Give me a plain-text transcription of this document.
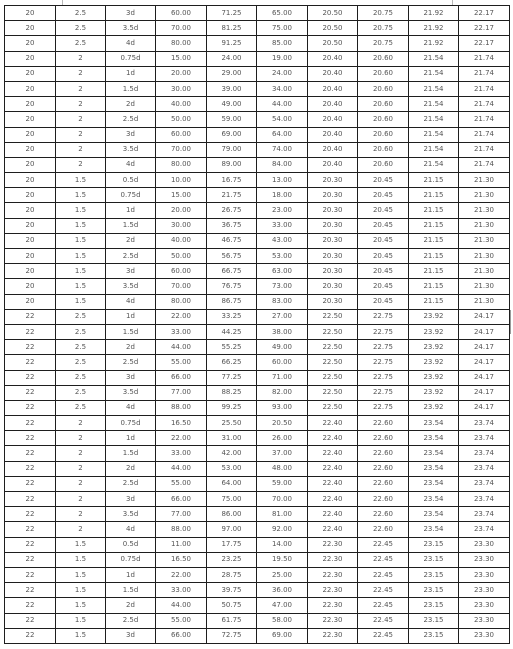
20	2.5	3d	60.00	71.25	65.00	20.50	20.75	21.92	22.17
20	2.5	3.5d	70.00	81.25	75.00	20.50	20.75	21.92	22.17
20	2.5	4d	80.00	91.25	85.00	20.50	20.75	21.92	22.17
20	2	0.75d	15.00	24.00	19.00	20.40	20.60	21.54	21.74
20	2	1d	20.00	29.00	24.00	20.40	20.60	21.54	21.74
20	2	1.5d	30.00	39.00	34.00	20.40	20.60	21.54	21.74
20	2	2d	40.00	49.00	44.00	20.40	20.60	21.54	21.74
20	2	2.5d	50.00	59.00	54.00	20.40	20.60	21.54	21.74
20	2	3d	60.00	69.00	64.00	20.40	20.60	21.54	21.74
20	2	3.5d	70.00	79.00	74.00	20.40	20.60	21.54	21.74
20	2	4d	80.00	89.00	84.00	20.40	20.60	21.54	21.74
20	1.5	0.5d	10.00	16.75	13.00	20.30	20.45	21.15	21.30
20	1.5	0.75d	15.00	21.75	18.00	20.30	20.45	21.15	21.30
20	1.5	1d	20.00	26.75	23.00	20.30	20.45	21.15	21.30
20	1.5	1.5d	30.00	36.75	33.00	20.30	20.45	21.15	21.30
20	1.5	2d	40.00	46.75	43.00	20.30	20.45	21.15	21.30
20	1.5	2.5d	50.00	56.75	53.00	20.30	20.45	21.15	21.30
20	1.5	3d	60.00	66.75	63.00	20.30	20.45	21.15	21.30
20	1.5	3.5d	70.00	76.75	73.00	20.30	20.45	21.15	21.30
20	1.5	4d	80.00	86.75	83.00	20.30	20.45	21.15	21.30
22	2.5	1d	22.00	33.25	27.00	22.50	22.75	23.92	24.17
22	2.5	1.5d	33.00	44.25	38.00	22.50	22.75	23.92	24.17
22	2.5	2d	44.00	55.25	49.00	22.50	22.75	23.92	24.17
22	2.5	2.5d	55.00	66.25	60.00	22.50	22.75	23.92	24.17
22	2.5	3d	66.00	77.25	71.00	22.50	22.75	23.92	24.17
22	2.5	3.5d	77.00	88.25	82.00	22.50	22.75	23.92	24.17
22	2.5	4d	88.00	99.25	93.00	22.50	22.75	23.92	24.17
22	2	0.75d	16.50	25.50	20.50	22.40	22.60	23.54	23.74
22	2	1d	22.00	31.00	26.00	22.40	22.60	23.54	23.74
22	2	1.5d	33.00	42.00	37.00	22.40	22.60	23.54	23.74
22	2	2d	44.00	53.00	48.00	22.40	22.60	23.54	23.74
22	2	2.5d	55.00	64.00	59.00	22.40	22.60	23.54	23.74
22	2	3d	66.00	75.00	70.00	22.40	22.60	23.54	23.74
22	2	3.5d	77.00	86.00	81.00	22.40	22.60	23.54	23.74
22	2	4d	88.00	97.00	92.00	22.40	22.60	23.54	23.74
22	1.5	0.5d	11.00	17.75	14.00	22.30	22.45	23.15	23.30
22	1.5	0.75d	16.50	23.25	19.50	22.30	22.45	23.15	23.30
22	1.5	1d	22.00	28.75	25.00	22.30	22.45	23.15	23.30
22	1.5	1.5d	33.00	39.75	36.00	22.30	22.45	23.15	23.30
22	1.5	2d	44.00	50.75	47.00	22.30	22.45	23.15	23.30
22	1.5	2.5d	55.00	61.75	58.00	22.30	22.45	23.15	23.30
22	1.5	3d	66.00	72.75	69.00	22.30	22.45	23.15	23.30
